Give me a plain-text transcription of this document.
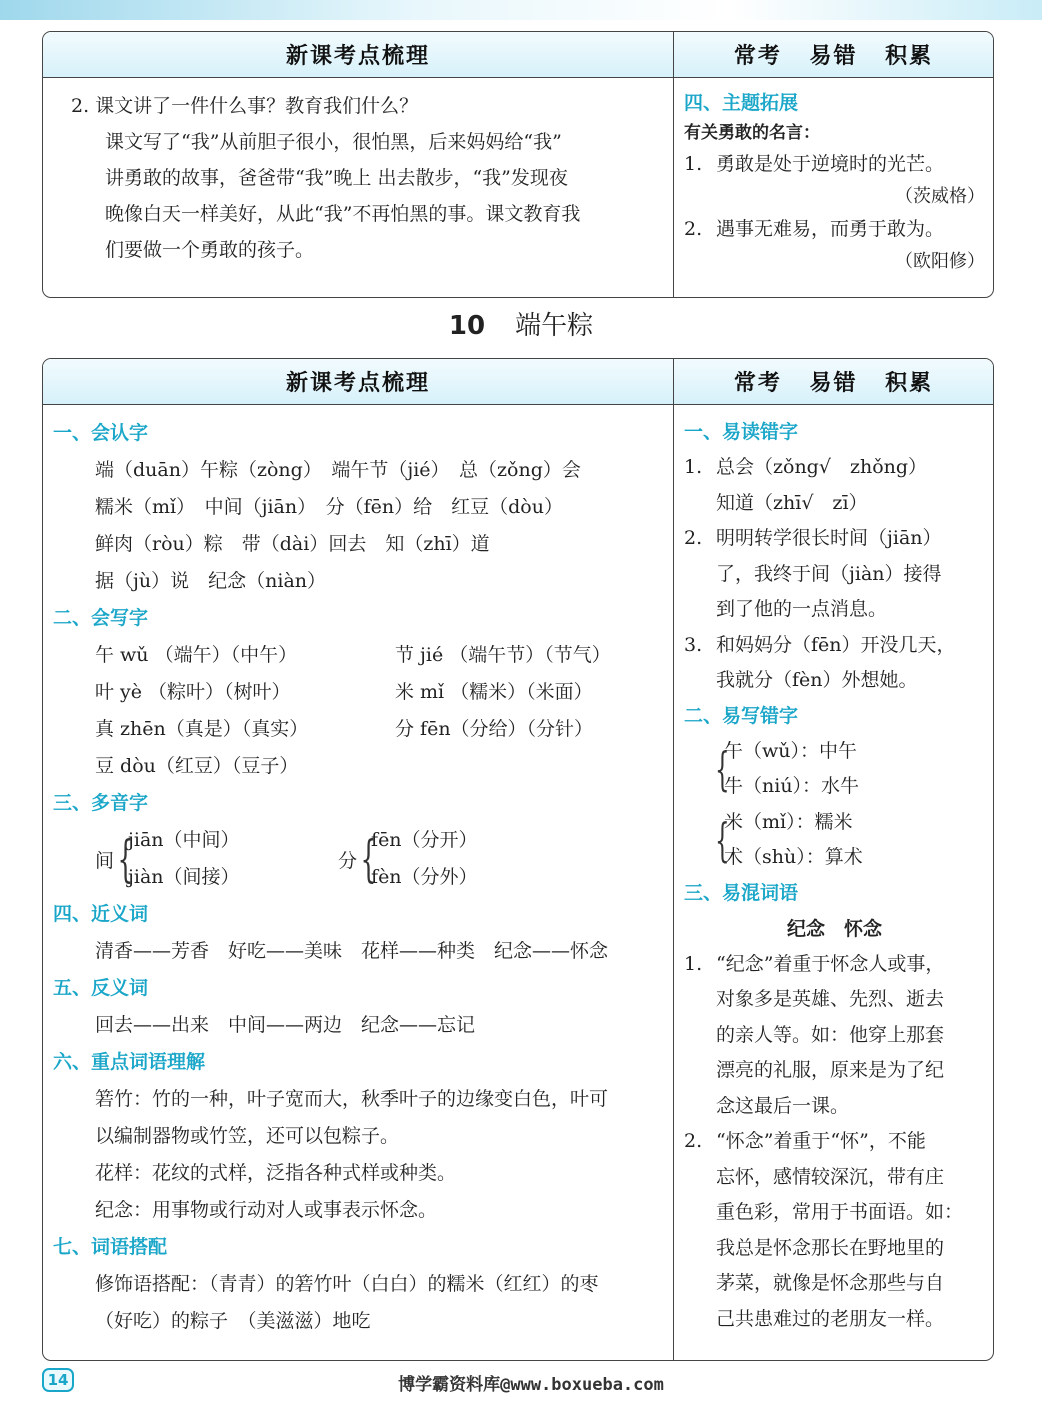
新课考点梳理	常考 易错 积累
2. 课文讲了一件什么事？教育我们什么？
课文写了“我”从前胆子很小，很怕黑，后来妈妈给“我”
讲勇敢的故事，爸爸带“我”晚上 出去散步，“我”发现夜
晚像白天一样美好，从此“我”不再怕黑的事。课文教育我
们要做一个勇敢的孩子。
四、主题拓展
有关勇敢的名言：
1. 勇敢是处于逆境时的光芒。
（茨威格）
2. 遇事无难易，而勇于敢为。
（欧阳修）
10 端午粽
新课考点梳理	常考 易错 积累
一、会认字
端（duān）午粽（zòng）　端午节（jié）　总（zǒng）会
糯米（mǐ）　中间（jiān）　分（fēn）给　红豆（dòu）
鲜肉（ròu）粽　带（dài）回去　知（zhī）道
据（jù）说　纪念（niàn）
二、会写字
午 wǔ （端午）（中午）	节 jié （端午节）（节气）
叶 yè （粽叶）（树叶）	米 mǐ （糯米）（米面）
真 zhēn（真是）（真实）	分 fēn（分给）（分针）
豆 dòu（红豆）（豆子）
三、多音字
间 {
jiān（中间）
jiàn（间接）
分 {
fēn（分开）
fèn（分外）
四、近义词
清香——芳香　好吃——美味　花样——种类　纪念——怀念
五、反义词
回去——出来　中间——两边　纪念——忘记
六、重点词语理解
箬竹：竹的一种，叶子宽而大，秋季叶子的边缘变白色，叶可
以编制器物或竹笠，还可以包粽子。
花样：花纹的式样，泛指各种式样或种类。
纪念：用事物或行动对人或事表示怀念。
七、词语搭配
修饰语搭配：（青青）的箬竹叶（白白）的糯米（红红）的枣
（好吃）的粽子　（美滋滋）地吃
一、易读错字
1. 总会（zǒng√　zhǒng）
知道（zhī√　zī）
2. 明明转学很长时间（jiān）
了，我终于间（jiàn）接得
到了他的一点消息。
3. 和妈妈分（fēn）开没几天，
我就分（fèn）外想她。
二、易写错字
{
午（wǔ）：中午
牛（niú）：水牛
{
米（mǐ）：糯米
术（shù）：算术
三、易混词语
纪念　怀念
1. “纪念”着重于怀念人或事，
对象多是英雄、先烈、逝去
的亲人等。如：他穿上那套
漂亮的礼服，原来是为了纪
念这最后一课。
2. “怀念”着重于“怀”，不能
忘怀，感情较深沉，带有庄
重色彩，常用于书面语。如：
我总是怀念那长在野地里的
茅菜，就像是怀念那些与自
己共患难过的老朋友一样。
14	博学霸资料库@www.boxueba.com
